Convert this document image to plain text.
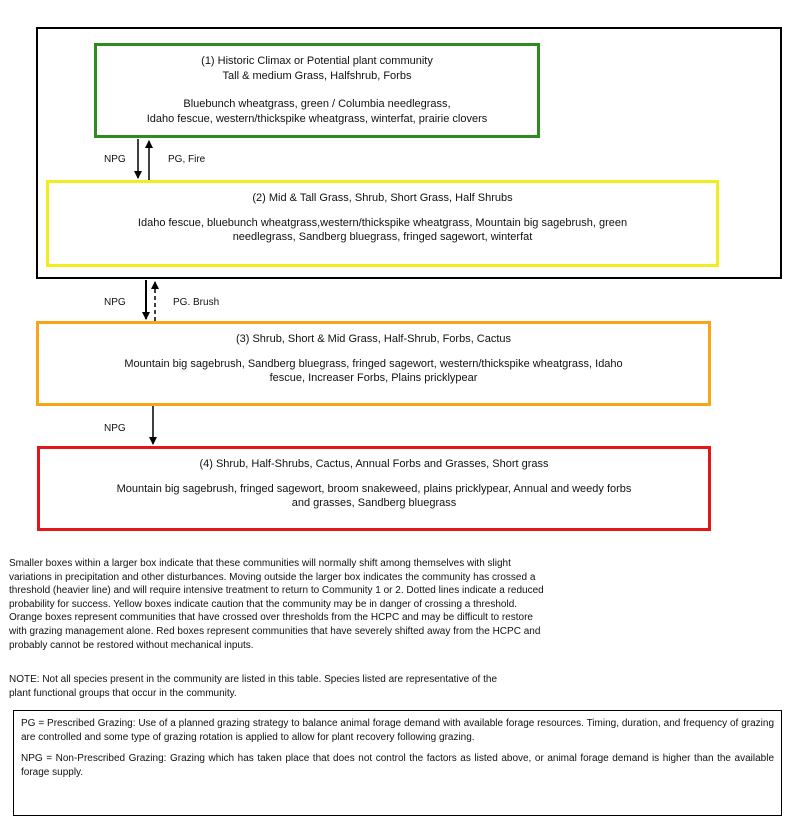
(1) Historic Climax or Potential plant community

Tall & medium Grass, Halfshrub, Forbs

Bluebunch wheatgrass, green / Columbia needlegrass,

Idaho fescue, western/thickspike wheatgrass, winterfat, prairie clovers

(2) Mid & Tall Grass, Shrub, Short Grass, Half Shrubs

Idaho fescue, bluebunch wheatgrass,western/thickspike wheatgrass, Mountain big sagebrush, green

needlegrass, Sandberg bluegrass, fringed sagewort, winterfat

(3) Shrub, Short & Mid Grass, Half-Shrub, Forbs, Cactus

Mountain big sagebrush, Sandberg bluegrass, fringed sagewort, western/thickspike wheatgrass, Idaho

fescue, Increaser Forbs, Plains pricklypear

(4) Shrub, Half-Shrubs, Cactus, Annual Forbs and Grasses, Short grass

Mountain big sagebrush, fringed sagewort, broom snakeweed, plains pricklypear, Annual and weedy forbs

and grasses, Sandberg bluegrass

NPG	PG, Fire
NPG	PG. Brush
NPG
Smaller boxes within a larger box indicate that these communities will normally shift among themselves with slight
variations in precipitation and other disturbances. Moving outside the larger box indicates the community has crossed a
threshold (heavier line) and will require intensive treatment to return to Community 1 or 2. Dotted lines indicate a reduced
probability for success. Yellow boxes indicate caution that the community may be in danger of crossing a threshold.
Orange boxes represent communities that have crossed over thresholds from the HCPC and may be difficult to restore
with grazing management alone. Red boxes represent communities that have severely shifted away from the HCPC and
probably cannot be restored without mechanical inputs.
NOTE: Not all species present in the community are listed in this table. Species listed are representative of the
plant functional groups that occur in the community.

PG = Prescribed Grazing: Use of a planned grazing strategy to balance animal forage demand with available forage resources. Timing, duration, and frequency of grazing are controlled and some type of grazing rotation is applied to allow for plant recovery following grazing.

NPG = Non-Prescribed Grazing: Grazing which has taken place that does not control the factors as listed above, or animal forage demand is higher than the available forage supply.
